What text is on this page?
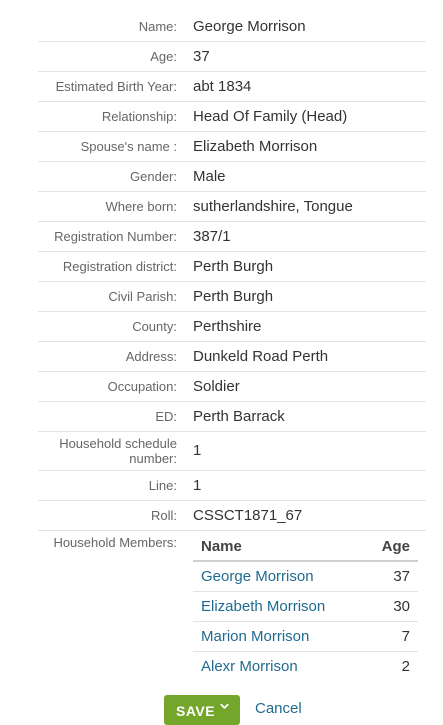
Name: George Morrison
Age: 37
Estimated Birth Year: abt 1834
Relationship: Head Of Family (Head)
Spouse's name : Elizabeth Morrison
Gender: Male
Where born: sutherlandshire, Tongue
Registration Number: 387/1
Registration district: Perth Burgh
Civil Parish: Perth Burgh
County: Perthshire
Address: Dunkeld Road Perth
Occupation: Soldier
ED: Perth Barrack
Household schedule number: 1
Line: 1
Roll: CSSCT1871_67
Household Members: Name	Age
George Morrison	37
Elizabeth Morrison	30
Marion Morrison	7
Alexr Morrison	2
SAVE	Cancel
